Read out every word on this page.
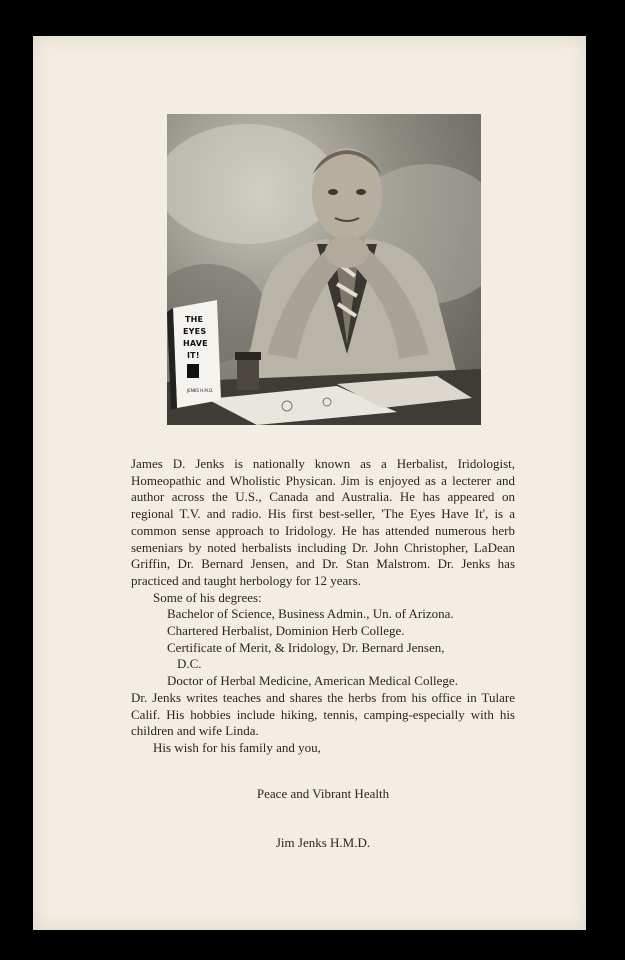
THE
EYES
HAVE
IT!
JENKS H.M.D.

James D. Jenks is nationally known as a Herbalist, Iridologist, Homeopathic and Wholistic Physican. Jim is enjoyed as a lecterer and author across the U.S., Canada and Australia. He has appeared on regional T.V. and radio. His first best-seller, 'The Eyes Have It', is a common sense approach to Iridology. He has attended numerous herb semeniars by noted herbalists including Dr. John Christopher, LaDean Griffin, Dr. Bernard Jensen, and Dr. Stan Malstrom. Dr. Jenks has practiced and taught herbology for 12 years.

Some of his degrees:
Bachelor of Science, Business Admin., Un. of Arizona.
Chartered Herbalist, Dominion Herb College.
Certificate of Merit, & Iridology, Dr. Bernard Jensen,
D.C.
Doctor of Herbal Medicine, American Medical College.

Dr. Jenks writes teaches and shares the herbs from his office in Tulare Calif. His hobbies include hiking, tennis, camping-especially with his children and wife Linda.

His wish for his family and you,
Peace and Vibrant Health
Jim Jenks H.M.D.
